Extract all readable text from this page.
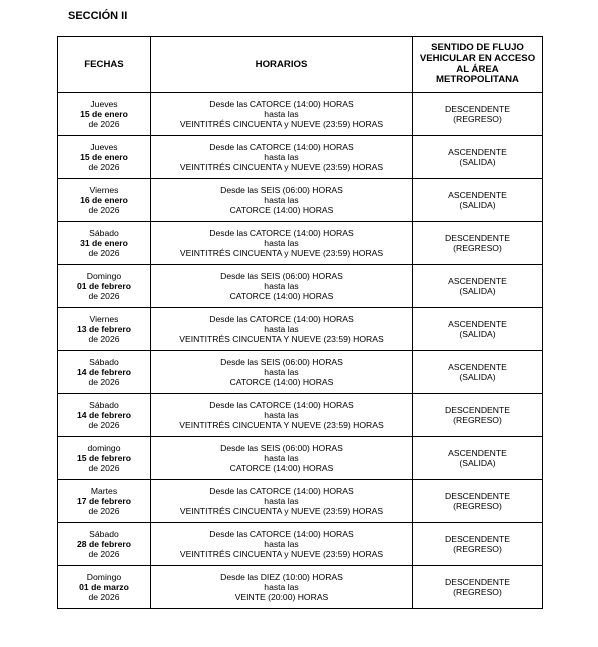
SECCIÓN II
FECHAS	HORARIOS	SENTIDO DE FLUJO
VEHICULAR EN ACCESO
AL ÁREA
METROPOLITANA

Jueves
15 de enero
de 2026	Desde las CATORCE (14:00) HORAS
hasta las
VEINTITRÉS CINCUENTA y NUEVE (23:59) HORAS	DESCENDENTE
(REGRESO)

Jueves
15 de enero
de 2026	Desde las CATORCE (14:00) HORAS
hasta las
VEINTITRÉS CINCUENTA y NUEVE (23:59) HORAS	ASCENDENTE
(SALIDA)

Viernes
16 de enero
de 2026	Desde las SEIS (06:00) HORAS
hasta las
CATORCE (14:00) HORAS	ASCENDENTE
(SALIDA)

Sábado
31 de enero
de 2026	Desde las CATORCE (14:00) HORAS
hasta las
VEINTITRÉS CINCUENTA y NUEVE (23:59) HORAS	DESCENDENTE
(REGRESO)

Domingo
01 de febrero
de 2026	Desde las SEIS (06:00) HORAS
hasta las
CATORCE (14:00) HORAS	ASCENDENTE
(SALIDA)

Viernes
13 de febrero
de 2026	Desde las CATORCE (14:00) HORAS
hasta las
VEINTITRÉS CINCUENTA Y NUEVE (23:59) HORAS	ASCENDENTE
(SALIDA)

Sábado
14 de febrero
de 2026	Desde las SEIS (06:00) HORAS
hasta las
CATORCE (14:00) HORAS	ASCENDENTE
(SALIDA)

Sábado
14 de febrero
de 2026	Desde las CATORCE (14:00) HORAS
hasta las
VEINTITRÉS CINCUENTA Y NUEVE (23:59) HORAS	DESCENDENTE
(REGRESO)

domingo
15 de febrero
de 2026	Desde las SEIS (06:00) HORAS
hasta las
CATORCE (14:00) HORAS	ASCENDENTE
(SALIDA)

Martes
17 de febrero
de 2026	Desde las CATORCE (14:00) HORAS
hasta las
VEINTITRÉS CINCUENTA y NUEVE (23:59) HORAS	DESCENDENTE
(REGRESO)

Sábado
28 de febrero
de 2026	Desde las CATORCE (14:00) HORAS
hasta las
VEINTITRÉS CINCUENTA y NUEVE (23:59) HORAS	DESCENDENTE
(REGRESO)

Domingo
01 de marzo
de 2026	Desde las DIEZ (10:00) HORAS
hasta las
VEINTE (20:00) HORAS	DESCENDENTE
(REGRESO)
